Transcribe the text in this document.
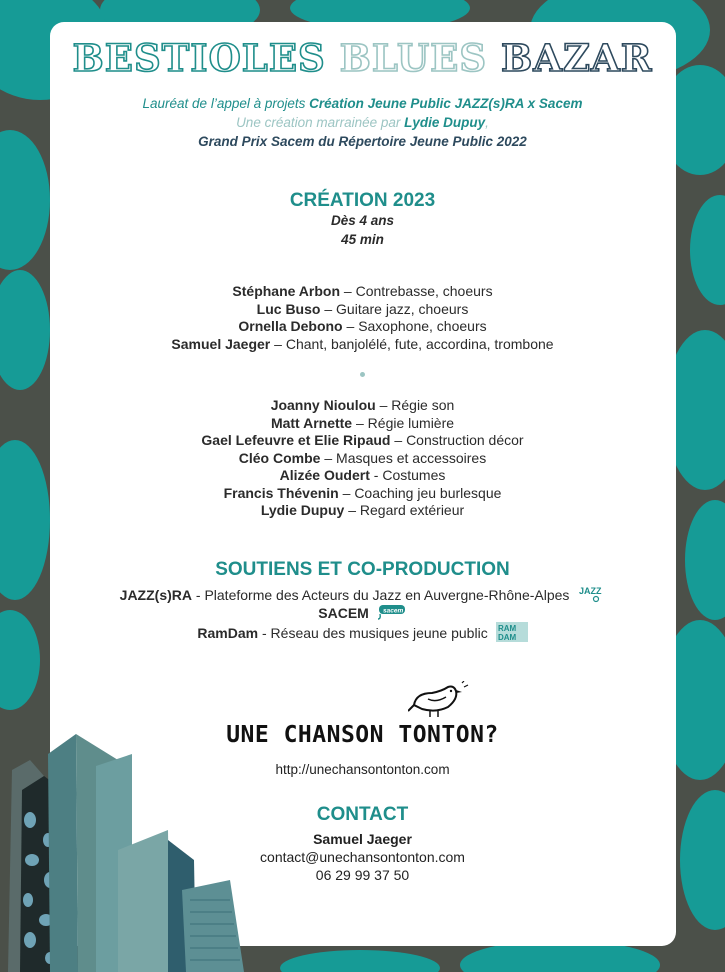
BESTIOLES BLUES BAZAR
Lauréat de l’appel à projets Création Jeune Public JAZZ(s)RA x Sacem
Une création marrainée par Lydie Dupuy,
Grand Prix Sacem du Répertoire Jeune Public 2022
CRÉATION 2023
Dès 4 ans
45 min
Stéphane Arbon – Contrebasse, choeurs
Luc Buso – Guitare jazz, choeurs
Ornella Debono – Saxophone, choeurs
Samuel Jaeger – Chant, banjolélé, fute, accordina, trombone
Joanny Nioulou – Régie son
Matt Arnette – Régie lumière
Gael Lefeuvre et Elie Ripaud – Construction décor
Cléo Combe – Masques et accessoires
Alizée Oudert - Costumes
Francis Thévenin – Coaching jeu burlesque
Lydie Dupuy – Regard extérieur
SOUTIENS ET CO-PRODUCTION
JAZZ(s)RA - Plateforme des Acteurs du Jazz en Auvergne-Rhône-Alpes JAZZ
SACEM sacem
RamDam - Réseau des musiques jeune public RAM
DAM
UNE CHANSON TONTON?
http://unechansontonton.com
CONTACT
Samuel Jaeger
contact@unechansontonton.com
06 29 99 37 50
